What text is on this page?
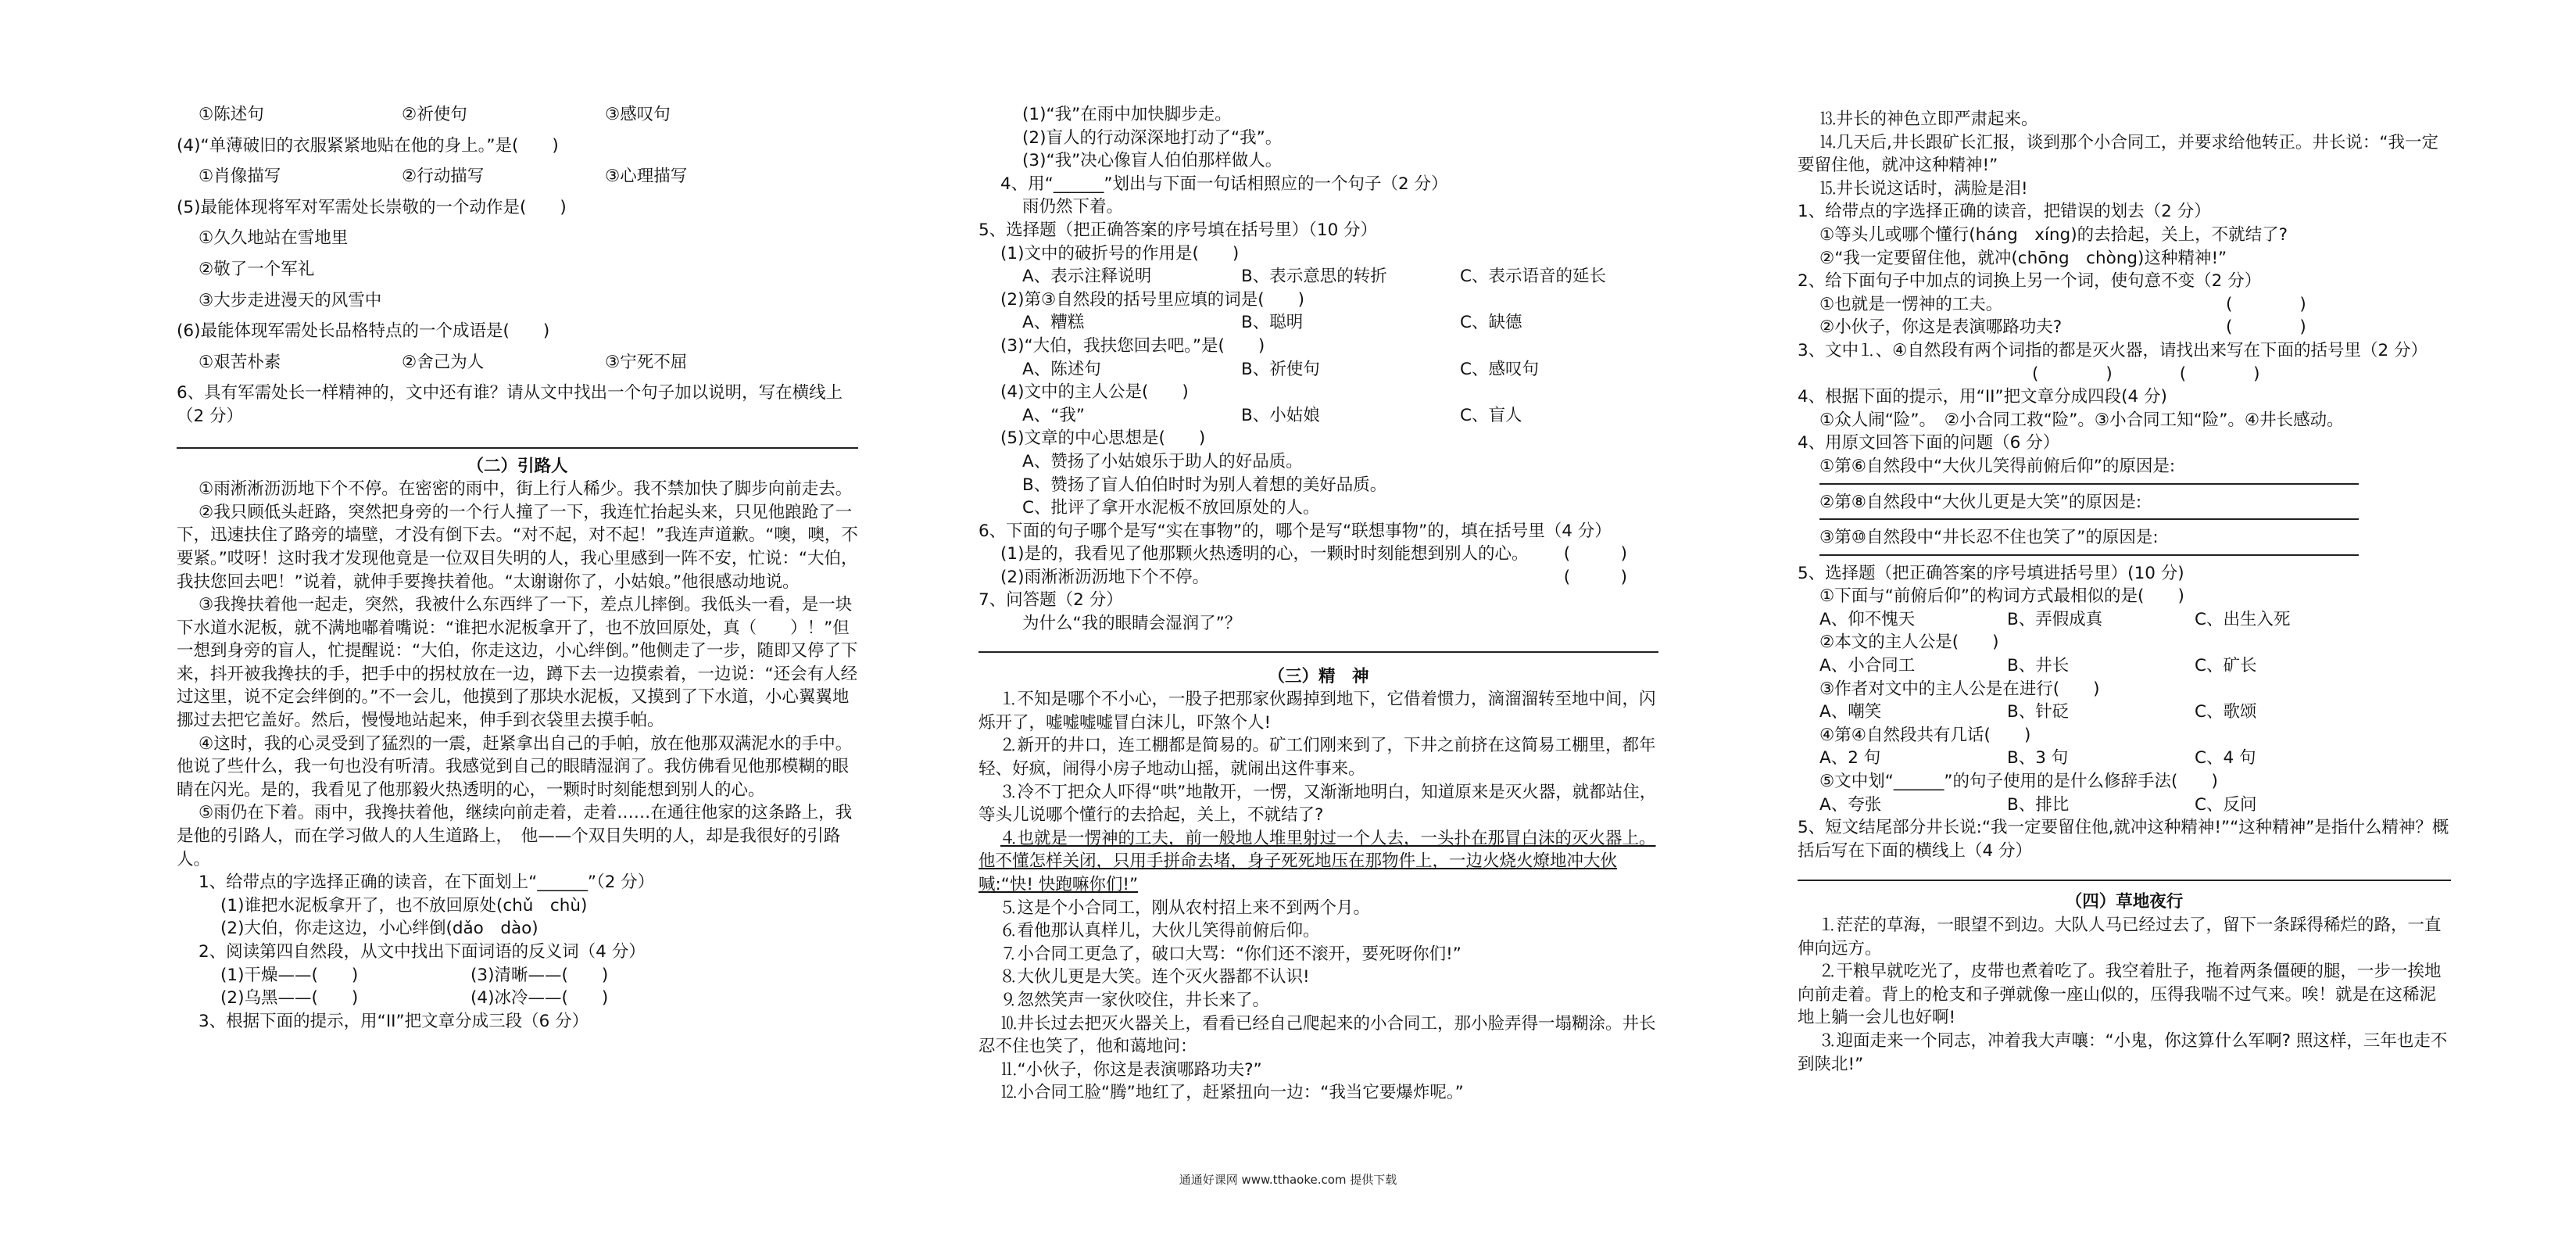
①陈述句	②祈使句	③感叹句
(4)“单薄破旧的衣服紧紧地贴在他的身上。”是(　　)
①肖像描写	②行动描写	③心理描写
(5)最能体现将军对军需处长崇敬的一个动作是(　　)
①久久地站在雪地里
②敬了一个军礼
③大步走进漫天的风雪中
(6)最能体现军需处长品格特点的一个成语是(　　)
①艰苦朴素	②舍己为人	③宁死不屈
6、具有军需处长一样精神的，文中还有谁？请从文中找出一个句子加以说明，写在横线上（2 分）
（二）引路人
①雨淅淅沥沥地下个不停。在密密的雨中，街上行人稀少。我不禁加快了脚步向前走去。
②我只顾低头赶路，突然把身旁的一个行人撞了一下，我连忙抬起头来，只见他踉跄了一下，迅速扶住了路旁的墙壁，才没有倒下去。“对不起，对不起！”我连声道歉。“噢，噢，不要紧。”哎呀！这时我才发现他竟是一位双目失明的人，我心里感到一阵不安，忙说：“大伯，我扶您回去吧！”说着，就伸手要搀扶着他。“太谢谢你了，小姑娘。”他很感动地说。
③我搀扶着他一起走，突然，我被什么东西绊了一下，差点儿摔倒。我低头一看，是一块下水道水泥板，就不满地嘟着嘴说：“谁把水泥板拿开了，也不放回原处，真（　　）！”但一想到身旁的盲人，忙提醒说：“大伯，你走这边，小心绊倒。”他侧走了一步，随即又停了下来，抖开被我搀扶的手，把手中的拐杖放在一边，蹲下去一边摸索着，一边说：“还会有人经过这里，说不定会绊倒的。”不一会儿，他摸到了那块水泥板，又摸到了下水道，小心翼翼地挪过去把它盖好。然后，慢慢地站起来，伸手到衣袋里去摸手帕。
④这时，我的心灵受到了猛烈的一震，赶紧拿出自己的手帕，放在他那双满泥水的手中。他说了些什么，我一句也没有听清。我感觉到自己的眼睛湿润了。我仿佛看见他那模糊的眼睛在闪光。是的，我看见了他那毅火热透明的心，一颗时时刻能想到别人的心。
⑤雨仍在下着。雨中，我搀扶着他，继续向前走着，走着……在通往他家的这条路上，我是他的引路人，而在学习做人的人生道路上，　他——个双目失明的人，却是我很好的引路人。
1、给带点的字选择正确的读音，在下面划上“______”（2 分）
(1)谁把水泥板拿开了，也不放回原处(chǔ　chù)
(2)大伯，你走这边，小心绊倒(dǎo　dào)
2、阅读第四自然段，从文中找出下面词语的反义词（4 分）
(1)干燥——(　　)	(3)清晰——(　　)
(2)乌黑——(　　)	(4)冰冷——(　　)
3、根据下面的提示，用“II”把文章分成三段（6 分）
(1)“我”在雨中加快脚步走。
(2)盲人的行动深深地打动了“我”。
(3)“我”决心像盲人伯伯那样做人。
4、用“______”划出与下面一句话相照应的一个句子（2 分）
雨仍然下着。
5、选择题（把正确答案的序号填在括号里）（10 分）
(1)文中的破折号的作用是(　　)
A、表示注释说明	B、表示意思的转折	C、表示语音的延长
(2)第③自然段的括号里应填的词是(　　)
A、糟糕	B、聪明	C、缺德
(3)“大伯，我扶您回去吧。”是(　　)
A、陈述句	B、祈使句	C、感叹句
(4)文中的主人公是(　　)
A、“我”	B、小姑娘	C、盲人
(5)文章的中心思想是(　　)
A、赞扬了小姑娘乐于助人的好品质。
B、赞扬了盲人伯伯时时为别人着想的美好品质。
C、批评了拿开水泥板不放回原处的人。
6、下面的句子哪个是写“实在事物”的，哪个是写“联想事物”的，填在括号里（4 分）
(1)是的，我看见了他那颗火热透明的心，一颗时时刻能想到别人的心。 (　　　)
(2)雨淅淅沥沥地下个不停。	(　　　)
7、问答题（2 分）
为什么“我的眼睛会湿润了”？
（三）精　神
⒈不知是哪个不小心，一股子把那家伙踢掉到地下，它借着惯力，滴溜溜转至地中间，闪烁开了，嘘嘘嘘嘘冒白沫儿，吓煞个人!
⒉新开的井口，连工棚都是简易的。矿工们刚来到了，下井之前挤在这简易工棚里，都年轻、好疯，闹得小房子地动山摇，就闹出这件事来。
⒊冷不丁把众人吓得“哄”地散开，一愣，又渐渐地明白，知道原来是灭火器，就都站住，等头儿说哪个懂行的去拾起，关上，不就结了?
⒋也就是一愣神的工夫，前一般地人堆里射过一个人去，一头扑在那冒白沫的灭火器上。他不懂怎样关闭，只用手拼命去堵，身子死死地压在那物件上，一边火烧火燎地冲大伙喊:“快! 快跑嘛你们!”
⒌这是个小合同工，刚从农村招上来不到两个月。
⒍看他那认真样儿，大伙儿笑得前俯后仰。
⒎小合同工更急了，破口大骂：“你们还不滚开，要死呀你们!”
⒏大伙儿更是大笑。连个灭火器都不认识!
⒐忽然笑声一家伙咬住，井长来了。
⒑井长过去把灭火器关上，看看已经自己爬起来的小合同工，那小脸弄得一塌糊涂。井长忍不住也笑了，他和蔼地问：
⒒“小伙子，你这是表演哪路功夫?”
⒓小合同工脸“腾”地红了，赶紧扭向一边：“我当它要爆炸呢。”
⒔井长的神色立即严肃起来。
⒕几天后,井长跟矿长汇报，谈到那个小合同工，并要求给他转正。井长说：“我一定要留住他，就冲这种精神!”
⒖井长说这话时，满脸是泪!
1、给带点的字选择正确的读音，把错误的划去（2 分）
①等头儿或哪个懂行(háng　xíng)的去拾起，关上，不就结了?
②“我一定要留住他，就冲(chōng　chòng)这种精神!”
2、给下面句子中加点的词换上另一个词，使句意不变（2 分）
①也就是一愣神的工夫。	(　　　　)
②小伙子，你这是表演哪路功夫?	(　　　　)
3、文中⒈、④自然段有两个词指的都是灭火器，请找出来写在下面的括号里（2 分）
(　　　　)　　　　(　　　　)
4、根据下面的提示，用“II”把文章分成四段(4 分)
①众人闹“险”。　②小合同工救“险”。③小合同工知“险”。④井长感动。
4、用原文回答下面的问题（6 分）
①第⑥自然段中“大伙儿笑得前俯后仰”的原因是:
②第⑧自然段中“大伙儿更是大笑”的原因是:
③第⑩自然段中“井长忍不住也笑了”的原因是:
5、选择题（把正确答案的序号填进括号里）(10 分)
①下面与“前俯后仰”的构词方式最相似的是(　　)
A、仰不愧天	B、弄假成真	C、出生入死
②本文的主人公是(　　)
A、小合同工	B、井长	C、矿长
③作者对文中的主人公是在进行(　　)
A、嘲笑	B、针砭	C、歌颂
④第④自然段共有几话(　　)
A、2 句	B、3 句	C、4 句
⑤文中划“______”的句子使用的是什么修辞手法(　　)
A、夸张	B、排比	C、反问
5、短文结尾部分井长说:“我一定要留住他,就冲这种精神!”“这种精神”是指什么精神？概括后写在下面的横线上（4 分）
（四）草地夜行
⒈茫茫的草海，一眼望不到边。大队人马已经过去了，留下一条踩得稀烂的路，一直伸向远方。
⒉干粮早就吃光了，皮带也煮着吃了。我空着肚子，拖着两条僵硬的腿，一步一挨地向前走着。背上的枪支和子弹就像一座山似的，压得我喘不过气来。唉！就是在这稀泥地上躺一会儿也好啊!
⒊迎面走来一个同志，冲着我大声嚷：“小鬼，你这算什么军啊? 照这样，三年也走不到陕北!”
通通好课网 www.tthaoke.com 提供下载
